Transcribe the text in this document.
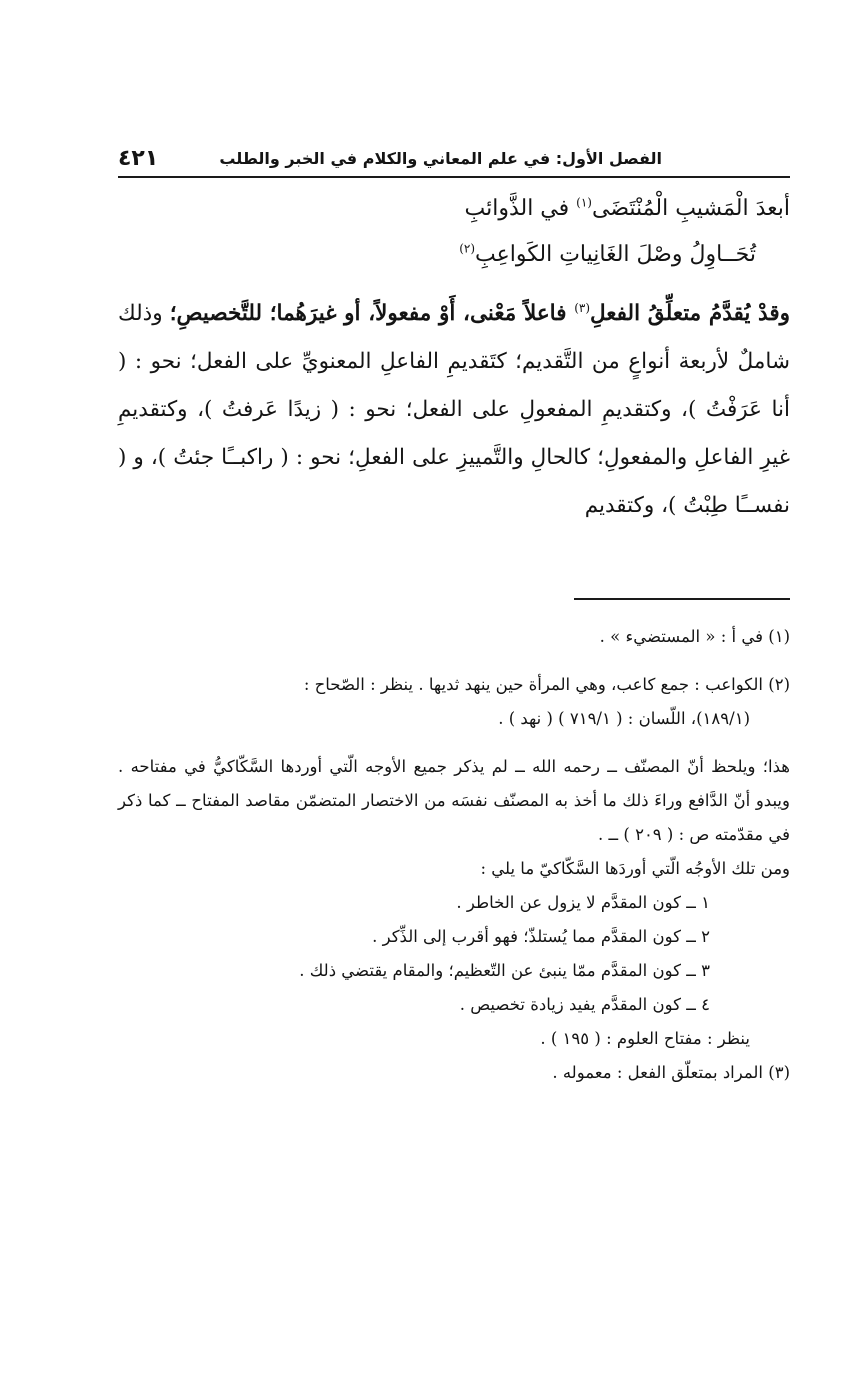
الفصل الأول: في علم المعاني والكلام في الخبر والطلب
٤٢١
أبعدَ الْمَشيبِ الْمُنْتَضَى$^{(١)}$ في الذَّوائبِ
تُحَــاوِلُ وصْلَ الغَانِياتِ الكَواعِبِ$^{(٢)}$

وقدْ يُقدَّمُ متعلِّقُ الفعلِ$^{(٣)}$ فاعلاً مَعْنى، أَوْ مفعولاً، أو غيرَهُما؛ للتَّخصيصِ؛ وذلك شاملٌ لأربعة أنواعٍ من التَّقديم؛ كتَقديمِ الفاعلِ المعنويِّ على الفعل؛ نحو : ( أنا عَرَفْتُ )، وكتقديمِ المفعولِ على الفعل؛ نحو : ( زيدًا عَرفتُ )، وكتقديمِ غيرِ الفاعلِ والمفعولِ؛ كالحالِ والتَّمييزِ على الفعلِ؛ نحو : ( راكبــًا جئتُ )، و ( نفســًا طِبْتُ )، وكتقديم

(١) في أ : « المستضيء » .

(٢) الكواعب : جمع كاعب، وهي المرأة حين ينهد ثديها . ينظر : الصّحاح :

(١٨٩/١)، اللّسان : ( ٧١٩/١ ) ( نهد ) .

هذا؛ ويلحظ أنّ المصنّف ــ رحمه الله ــ لم يذكر جميع الأوجه الّتي أوردها السَّكّاكيُّ في مفتاحه . ويبدو أنّ الدَّافع وراءَ ذلك ما أخذ به المصنّف نفسَه من الاختصار المتضمّن مقاصد المفتاح ــ كما ذكر في مقدّمته ص : ( ٢٠٩ ) ــ .

ومن تلك الأوجُه الّتي أوردَها السَّكّاكيّ ما يلي :

١ ــ كون المقدَّم لا يزول عن الخاطر .

٢ ــ كون المقدَّم مما يُستلذّ؛ فهو أقرب إلى الذِّكر .

٣ ــ كون المقدَّم ممّا ينبئ عن التّعظيم؛ والمقام يقتضي ذلك .

٤ ــ كون المقدَّم يفيد زيادة تخصيص .

ينظر : مفتاح العلوم : ( ١٩٥ ) .

(٣) المراد بمتعلّق الفعل : معموله .
